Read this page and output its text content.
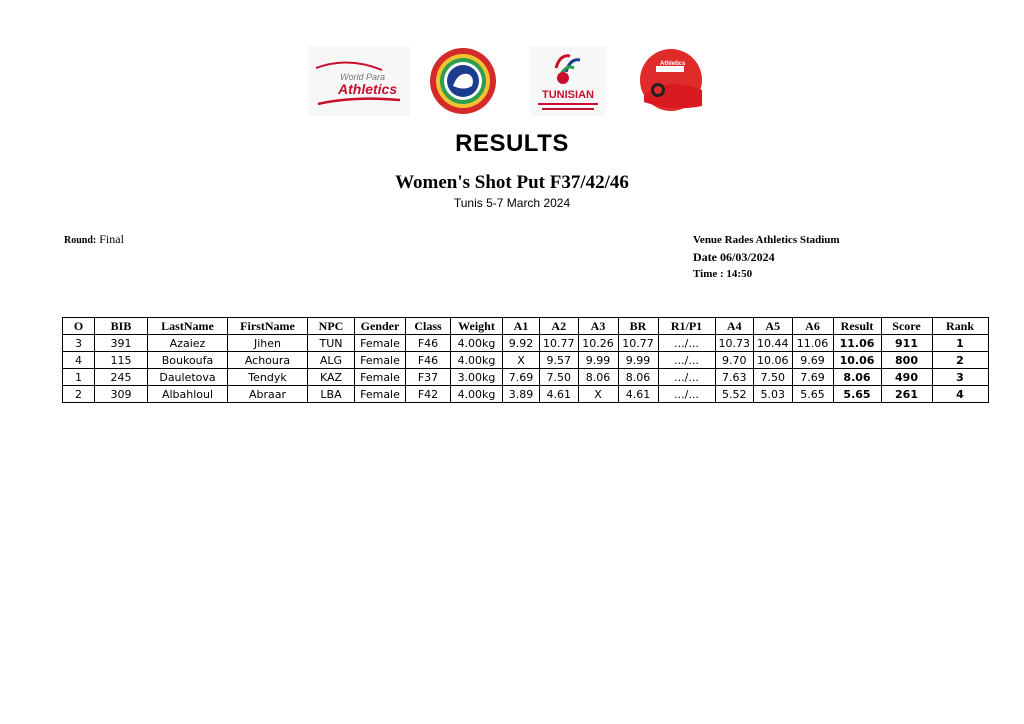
World Para
Athletics	TUNISIAN
Athletics
RESULTS
Women's Shot Put F37/42/46
Tunis 5-7 March 2024
Round: Final	Venue Rades Athletics Stadium
Date 06/03/2024
Time : 14:50
O	BIB	LastName	FirstName	NPC	Gender	Class	Weight	A1	A2	A3	BR	R1/P1	A4	A5	A6	Result	Score	Rank
3	391	Azaiez	Jihen	TUN	Female	F46	4.00kg	9.92	10.77	10.26	10.77	.../...	10.73	10.44	11.06	11.06	911	1
4	115	Boukoufa	Achoura	ALG	Female	F46	4.00kg	X	9.57	9.99	9.99	.../...	9.70	10.06	9.69	10.06	800	2
1	245	Dauletova	Tendyk	KAZ	Female	F37	3.00kg	7.69	7.50	8.06	8.06	.../...	7.63	7.50	7.69	8.06	490	3
2	309	Albahloul	Abraar	LBA	Female	F42	4.00kg	3.89	4.61	X	4.61	.../...	5.52	5.03	5.65	5.65	261	4
